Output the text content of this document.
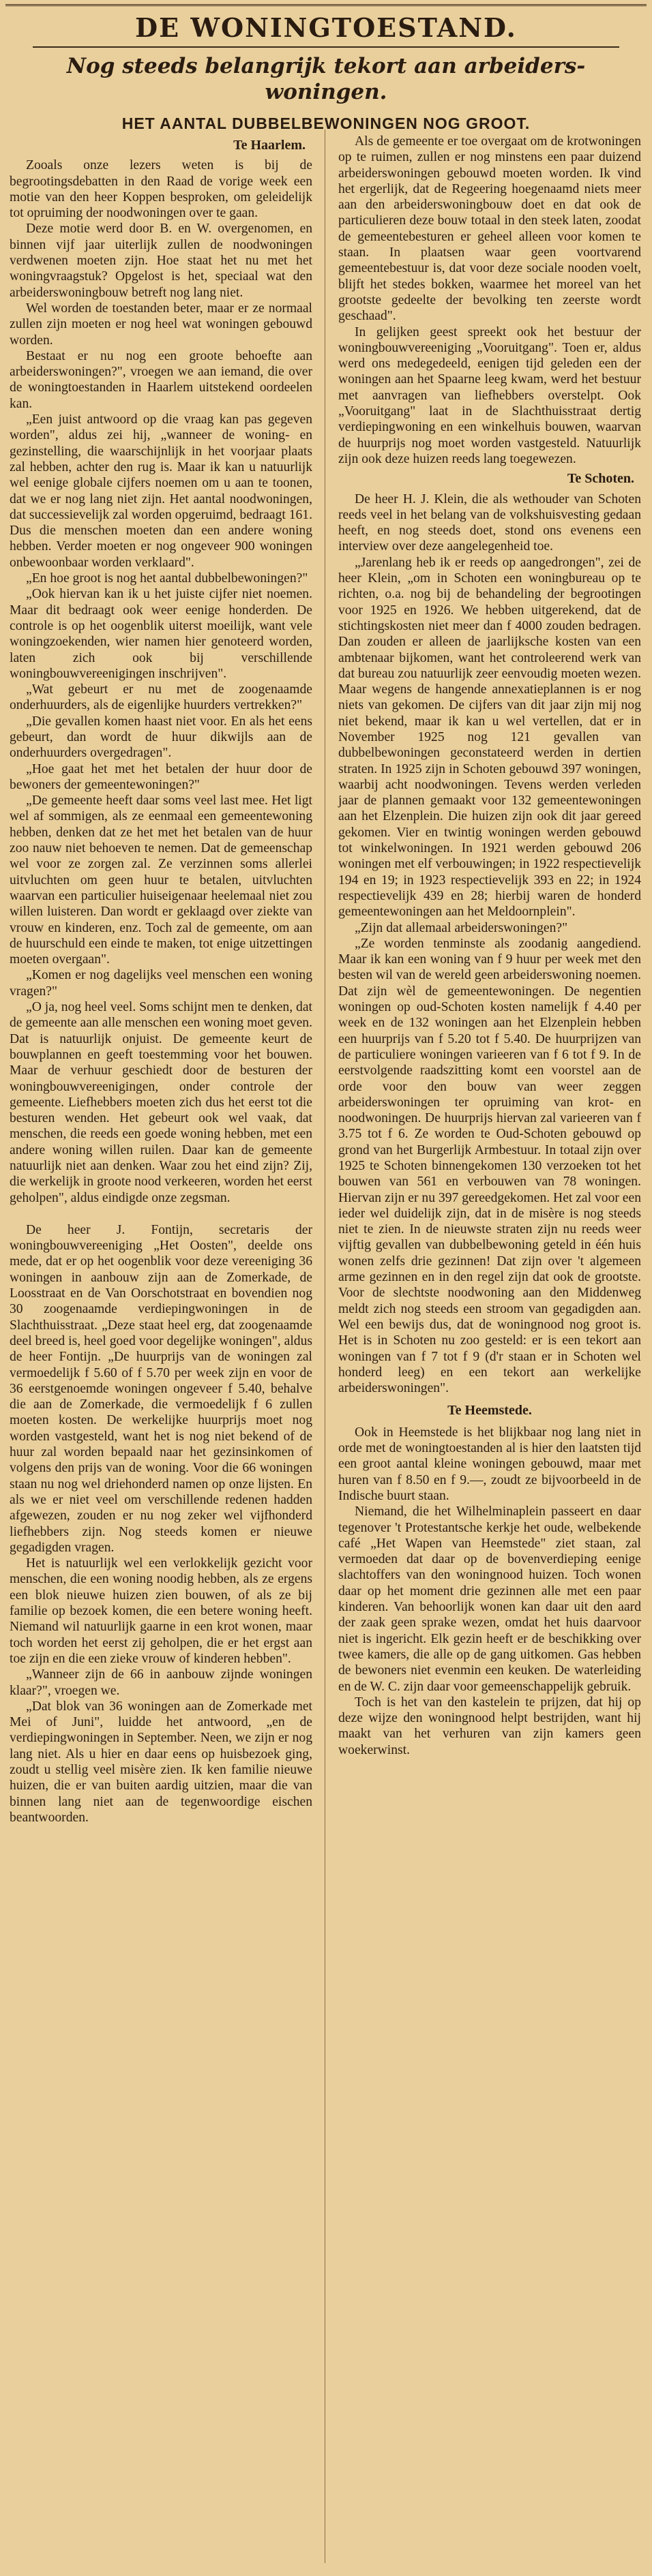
DE WONINGTOESTAND.
Nog steeds belangrijk tekort aan arbeiders-woningen.
HET AANTAL DUBBELBEWONINGEN NOG GROOT.
Te Haarlem.

Zooals onze lezers weten is bij de begrootingsdebatten in den Raad de vorige week een motie van den heer Koppen besproken, om geleidelijk tot opruiming der noodwoningen over te gaan.

Deze motie werd door B. en W. overgenomen, en binnen vijf jaar uiterlijk zullen de noodwoningen verdwenen moeten zijn. Hoe staat het nu met het woningvraagstuk? Opgelost is het, speciaal wat den arbeiderswoningbouw betreft nog lang niet.

Wel worden de toestanden beter, maar er ze normaal zullen zijn moeten er nog heel wat woningen gebouwd worden.

Bestaat er nu nog een groote behoefte aan arbeiderswoningen?", vroegen we aan iemand, die over de woningtoestanden in Haarlem uitstekend oordeelen kan.

„Een juist antwoord op die vraag kan pas gegeven worden", aldus zei hij, „wanneer de woning- en gezinstelling, die waarschijnlijk in het voorjaar plaats zal hebben, achter den rug is. Maar ik kan u natuurlijk wel eenige globale cijfers noemen om u aan te toonen, dat we er nog lang niet zijn. Het aantal noodwoningen, dat successievelijk zal worden opgeruimd, bedraagt 161. Dus die menschen moeten dan een andere woning hebben. Verder moeten er nog ongeveer 900 woningen onbewoonbaar worden verklaard".

„En hoe groot is nog het aantal dubbelbewoningen?"

„Ook hiervan kan ik u het juiste cijfer niet noemen. Maar dit bedraagt ook weer eenige honderden. De controle is op het oogenblik uiterst moeilijk, want vele woningzoekenden, wier namen hier genoteerd worden, laten zich ook bij verschillende woningbouwvereenigingen inschrijven".

„Wat gebeurt er nu met de zoogenaamde onderhuurders, als de eigenlijke huurders vertrekken?"

„Die gevallen komen haast niet voor. En als het eens gebeurt, dan wordt de huur dikwijls aan de onderhuurders overgedragen".

„Hoe gaat het met het betalen der huur door de bewoners der gemeentewoningen?"

„De gemeente heeft daar soms veel last mee. Het ligt wel af sommigen, als ze eenmaal een gemeentewoning hebben, denken dat ze het met het betalen van de huur zoo nauw niet behoeven te nemen. Dat de gemeenschap wel voor ze zorgen zal. Ze verzinnen soms allerlei uitvluchten om geen huur te betalen, uitvluchten waarvan een particulier huiseigenaar heelemaal niet zou willen luisteren. Dan wordt er geklaagd over ziekte van vrouw en kinderen, enz. Toch zal de gemeente, om aan de huurschuld een einde te maken, tot enige uitzettingen moeten overgaan".

„Komen er nog dagelijks veel menschen een woning vragen?"

„O ja, nog heel veel. Soms schijnt men te denken, dat de gemeente aan alle menschen een woning moet geven. Dat is natuurlijk onjuist. De gemeente keurt de bouwplannen en geeft toestemming voor het bouwen. Maar de verhuur geschiedt door de besturen der woningbouwvereenigingen, onder controle der gemeente. Liefhebbers moeten zich dus het eerst tot die besturen wenden. Het gebeurt ook wel vaak, dat menschen, die reeds een goede woning hebben, met een andere woning willen ruilen. Daar kan de gemeente natuurlijk niet aan denken. Waar zou het eind zijn? Zij, die werkelijk in groote nood verkeeren, worden het eerst geholpen", aldus eindigde onze zegsman.

De heer J. Fontijn, secretaris der woningbouwvereeniging „Het Oosten", deelde ons mede, dat er op het oogenblik voor deze vereeniging 36 woningen in aanbouw zijn aan de Zomerkade, de Loosstraat en de Van Oorschotstraat en bovendien nog 30 zoogenaamde verdiepingwoningen in de Slachthuisstraat. „Deze staat heel erg, dat zoogenaamde deel breed is, heel goed voor degelijke woningen", aldus de heer Fontijn. „De huurprijs van de woningen zal vermoedelijk f 5.60 of f 5.70 per week zijn en voor de 36 eerstgenoemde woningen ongeveer f 5.40, behalve die aan de Zomerkade, die vermoedelijk f 6 zullen moeten kosten. De werkelijke huurprijs moet nog worden vastgesteld, want het is nog niet bekend of de huur zal worden bepaald naar het gezinsinkomen of volgens den prijs van de woning. Voor die 66 woningen staan nu nog wel driehonderd namen op onze lijsten. En als we er niet veel om verschillende redenen hadden afgewezen, zouden er nu nog zeker wel vijfhonderd liefhebbers zijn. Nog steeds komen er nieuwe gegadigden vragen.

Het is natuurlijk wel een verlokkelijk gezicht voor menschen, die een woning noodig hebben, als ze ergens een blok nieuwe huizen zien bouwen, of als ze bij familie op bezoek komen, die een betere woning heeft. Niemand wil natuurlijk gaarne in een krot wonen, maar toch worden het eerst zij geholpen, die er het ergst aan toe zijn en die een zieke vrouw of kinderen hebben".

„Wanneer zijn de 66 in aanbouw zijnde woningen klaar?", vroegen we.

„Dat blok van 36 woningen aan de Zomerkade met Mei of Juni", luidde het antwoord, „en de verdiepingwoningen in September. Neen, we zijn er nog lang niet. Als u hier en daar eens op huisbezoek ging, zoudt u stellig veel misère zien. Ik ken familie nieuwe huizen, die er van buiten aardig uitzien, maar die van binnen lang niet aan de tegenwoordige eischen beantwoorden.

Als de gemeente er toe overgaat om de krotwoningen op te ruimen, zullen er nog minstens een paar duizend arbeiderswoningen gebouwd moeten worden. Ik vind het ergerlijk, dat de Regeering hoegenaamd niets meer aan den arbeiderswoningbouw doet en dat ook de particulieren deze bouw totaal in den steek laten, zoodat de gemeentebesturen er geheel alleen voor komen te staan. In plaatsen waar geen voortvarend gemeentebestuur is, dat voor deze sociale nooden voelt, blijft het stedes bokken, waarmee het moreel van het grootste gedeelte der bevolking ten zeerste wordt geschaad".

In gelijken geest spreekt ook het bestuur der woningbouwvereeniging „Vooruitgang". Toen er, aldus werd ons medegedeeld, eenigen tijd geleden een der woningen aan het Spaarne leeg kwam, werd het bestuur met aanvragen van liefhebbers overstelpt. Ook „Vooruitgang" laat in de Slachthuisstraat dertig verdiepingwoning en een winkelhuis bouwen, waarvan de huurprijs nog moet worden vastgesteld. Natuurlijk zijn ook deze huizen reeds lang toegewezen.

Te Schoten.

De heer H. J. Klein, die als wethouder van Schoten reeds veel in het belang van de volkshuisvesting gedaan heeft, en nog steeds doet, stond ons evenens een interview over deze aangelegenheid toe.

„Jarenlang heb ik er reeds op aangedrongen", zei de heer Klein, „om in Schoten een woningbureau op te richten, o.a. nog bij de behandeling der begrootingen voor 1925 en 1926. We hebben uitgerekend, dat de stichtingskosten niet meer dan f 4000 zouden bedragen. Dan zouden er alleen de jaarlijksche kosten van een ambtenaar bijkomen, want het controleerend werk van dat bureau zou natuurlijk zeer eenvoudig moeten wezen. Maar wegens de hangende annexatieplannen is er nog niets van gekomen. De cijfers van dit jaar zijn mij nog niet bekend, maar ik kan u wel vertellen, dat er in November 1925 nog 121 gevallen van dubbelbewoningen geconstateerd werden in dertien straten. In 1925 zijn in Schoten gebouwd 397 woningen, waarbij acht noodwoningen. Tevens werden verleden jaar de plannen gemaakt voor 132 gemeentewoningen aan het Elzenplein. Die huizen zijn ook dit jaar gereed gekomen. Vier en twintig woningen werden gebouwd tot winkelwoningen. In 1921 werden gebouwd 206 woningen met elf verbouwingen; in 1922 respectievelijk 194 en 19; in 1923 respectievelijk 393 en 22; in 1924 respectievelijk 439 en 28; hierbij waren de honderd gemeentewoningen aan het Meldoornplein".

„Zijn dat allemaal arbeiderswoningen?"

„Ze worden tenminste als zoodanig aangediend. Maar ik kan een woning van f 9 huur per week met den besten wil van de wereld geen arbeiderswoning noemen. Dat zijn wèl de gemeentewoningen. De negentien woningen op oud-Schoten kosten namelijk f 4.40 per week en de 132 woningen aan het Elzenplein hebben een huurprijs van f 5.20 tot f 5.40. De huurprijzen van de particuliere woningen varieeren van f 6 tot f 9. In de eerstvolgende raadszitting komt een voorstel aan de orde voor den bouw van weer zeggen arbeiderswoningen ter opruiming van krot- en noodwoningen. De huurprijs hiervan zal varieeren van f 3.75 tot f 6. Ze worden te Oud-Schoten gebouwd op grond van het Burgerlijk Armbestuur. In totaal zijn over 1925 te Schoten binnengekomen 130 verzoeken tot het bouwen van 561 en verbouwen van 78 woningen. Hiervan zijn er nu 397 gereedgekomen. Het zal voor een ieder wel duidelijk zijn, dat in de misère is nog steeds niet te zien. In de nieuwste straten zijn nu reeds weer vijftig gevallen van dubbelbewoning geteld in één huis wonen zelfs drie gezinnen! Dat zijn over 't algemeen arme gezinnen en in den regel zijn dat ook de grootste. Voor de slechtste noodwoning aan den Middenweg meldt zich nog steeds een stroom van gegadigden aan. Wel een bewijs dus, dat de woningnood nog groot is. Het is in Schoten nu zoo gesteld: er is een tekort aan woningen van f 7 tot f 9 (d'r staan er in Schoten wel honderd leeg) en een tekort aan werkelijke arbeiderswoningen".

Te Heemstede.

Ook in Heemstede is het blijkbaar nog lang niet in orde met de woningtoestanden al is hier den laatsten tijd een groot aantal kleine woningen gebouwd, maar met huren van f 8.50 en f 9.—, zoudt ze bijvoorbeeld in de Indische buurt staan.

Niemand, die het Wilhelminaplein passeert en daar tegenover 't Protestantsche kerkje het oude, welbekende café „Het Wapen van Heemstede" ziet staan, zal vermoeden dat daar op de bovenverdieping eenige slachtoffers van den woningnood huizen. Toch wonen daar op het moment drie gezinnen alle met een paar kinderen. Van behoorlijk wonen kan daar uit den aard der zaak geen sprake wezen, omdat het huis daarvoor niet is ingericht. Elk gezin heeft er de beschikking over twee kamers, die alle op de gang uitkomen. Gas hebben de bewoners niet evenmin een keuken. De waterleiding en de W. C. zijn daar voor gemeenschappelijk gebruik.

Toch is het van den kastelein te prijzen, dat hij op deze wijze den woningnood helpt bestrijden, want hij maakt van het verhuren van zijn kamers geen woekerwinst.
